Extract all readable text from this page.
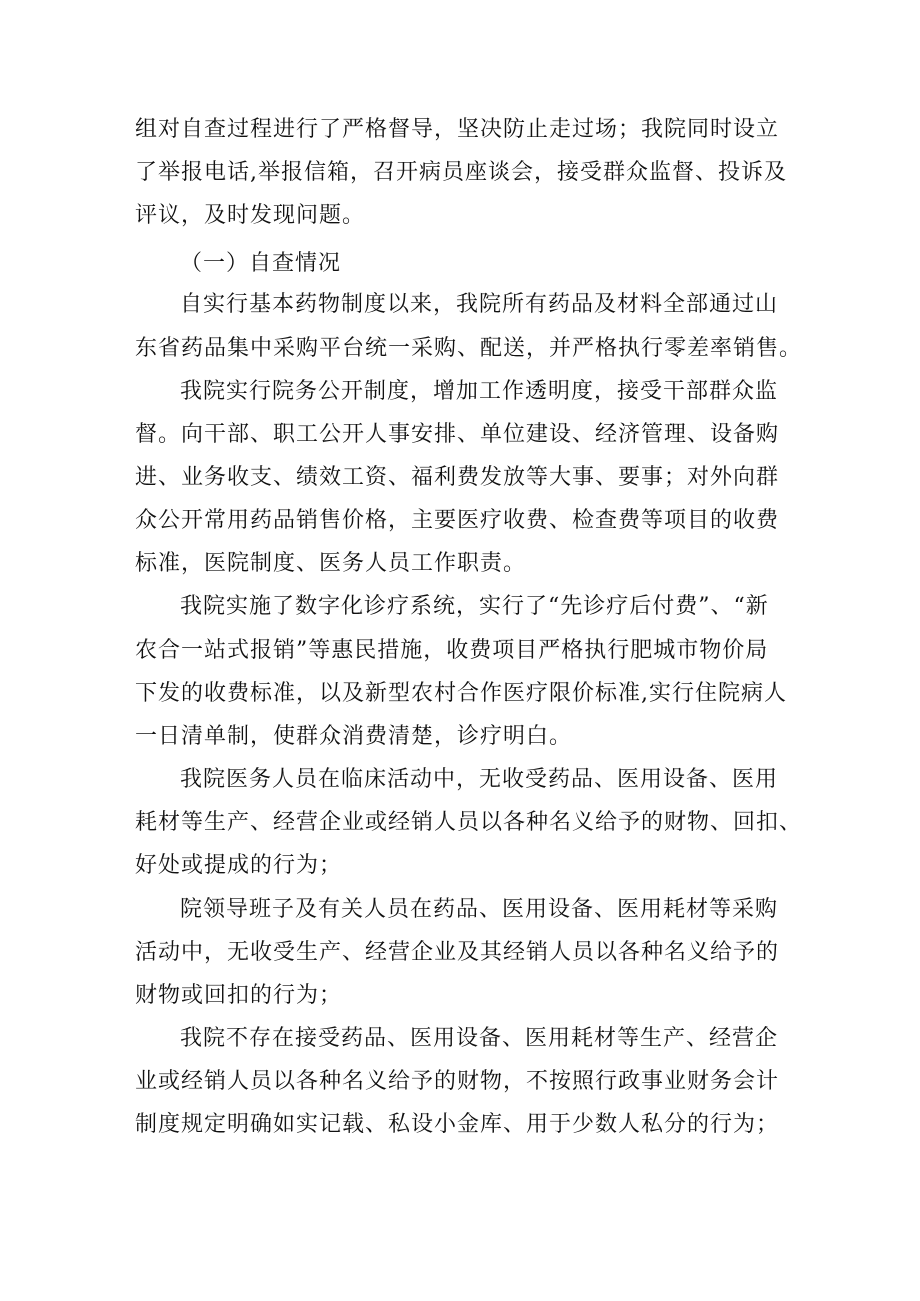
组对自查过程进行了严格督导，坚决防止走过场；我院同时设立
了举报电话,举报信箱，召开病员座谈会，接受群众监督、投诉及
评议，及时发现问题。
（一）自查情况
自实行基本药物制度以来，我院所有药品及材料全部通过山
东省药品集中采购平台统一采购、配送，并严格执行零差率销售。
我院实行院务公开制度，增加工作透明度，接受干部群众监
督。向干部、职工公开人事安排、单位建设、经济管理、设备购
进、业务收支、绩效工资、福利费发放等大事、要事；对外向群
众公开常用药品销售价格，主要医疗收费、检查费等项目的收费
标准，医院制度、医务人员工作职责。
我院实施了数字化诊疗系统，实行了“先诊疗后付费”、“新
农合一站式报销”等惠民措施，收费项目严格执行肥城市物价局
下发的收费标准，以及新型农村合作医疗限价标准,实行住院病人
一日清单制，使群众消费清楚，诊疗明白。
我院医务人员在临床活动中，无收受药品、医用设备、医用
耗材等生产、经营企业或经销人员以各种名义给予的财物、回扣、
好处或提成的行为；
院领导班子及有关人员在药品、医用设备、医用耗材等采购
活动中，无收受生产、经营企业及其经销人员以各种名义给予的
财物或回扣的行为；
我院不存在接受药品、医用设备、医用耗材等生产、经营企
业或经销人员以各种名义给予的财物，不按照行政事业财务会计
制度规定明确如实记载、私设小金库、用于少数人私分的行为；
